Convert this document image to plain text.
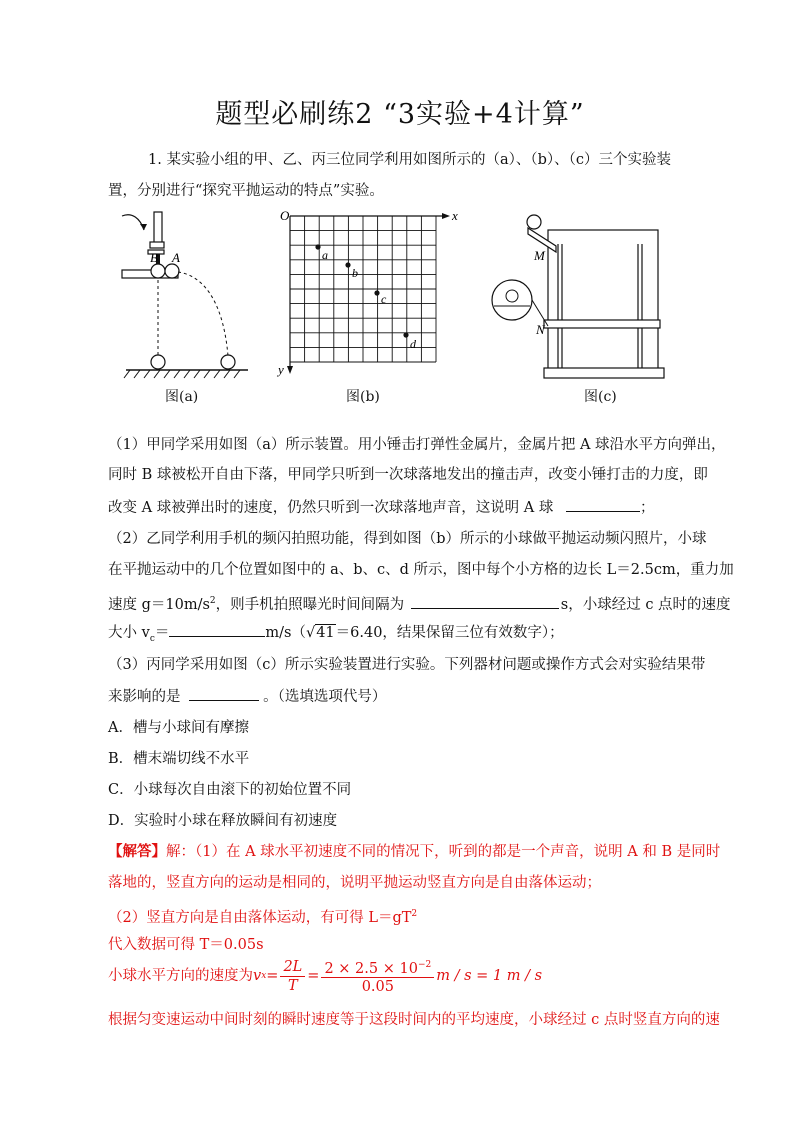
题型必刷练2 “3实验+4计算”
1. 某实验小组的甲、乙、丙三位同学利用如图所示的（a）、（b）、（c）三个实验装
置，分别进行“探究平抛运动的特点”实验。
B A
图(a)
O	x
y
a
b
c
d
图(b)
M
N
图(c)
（1）甲同学采用如图（a）所示装置。用小锤击打弹性金属片，金属片把 A 球沿水平方向弹出，
同时 B 球被松开自由下落，甲同学只听到一次球落地发出的撞击声，改变小锤打击的力度，即
改变 A 球被弹出时的速度，仍然只听到一次球落地声音，这说明 A 球	；
（2）乙同学利用手机的频闪拍照功能，得到如图（b）所示的小球做平抛运动频闪照片，小球
在平抛运动中的几个位置如图中的 a、b、c、d 所示，图中每个小方格的边长 L＝2.5cm，重力加
速度 $g=10m/s^2$，则手机拍照曝光时间间隔为	s，小球经过 c 点时的速度
大小 $v_c=$	m/s（√41＝6.40，结果保留三位有效数字）；
（3）丙同学采用如图（c）所示实验装置进行实验。下列器材问题或操作方式会对实验结果带
来影响的是	。（选填选项代号）
A．槽与小球间有摩擦
B．槽末端切线不水平
C．小球每次自由滚下的初始位置不同
D．实验时小球在释放瞬间有初速度
【解答】解：（1）在 A 球水平初速度不同的情况下，听到的都是一个声音，说明 A 和 B 是同时
落地的，竖直方向的运动是相同的，说明平抛运动竖直方向是自由落体运动；
（2）竖直方向是自由落体运动，有可得 $L=gT^2$
代入数据可得 T＝0.05s
小球水平方向的速度为 v $x = \frac{2L}{T} = \frac{2 \times 2.5 \times 10^{-2}}{0.05}$ m / s = 1 m / s
根据匀变速运动中间时刻的瞬时速度等于这段时间内的平均速度，小球经过 c 点时竖直方向的速
